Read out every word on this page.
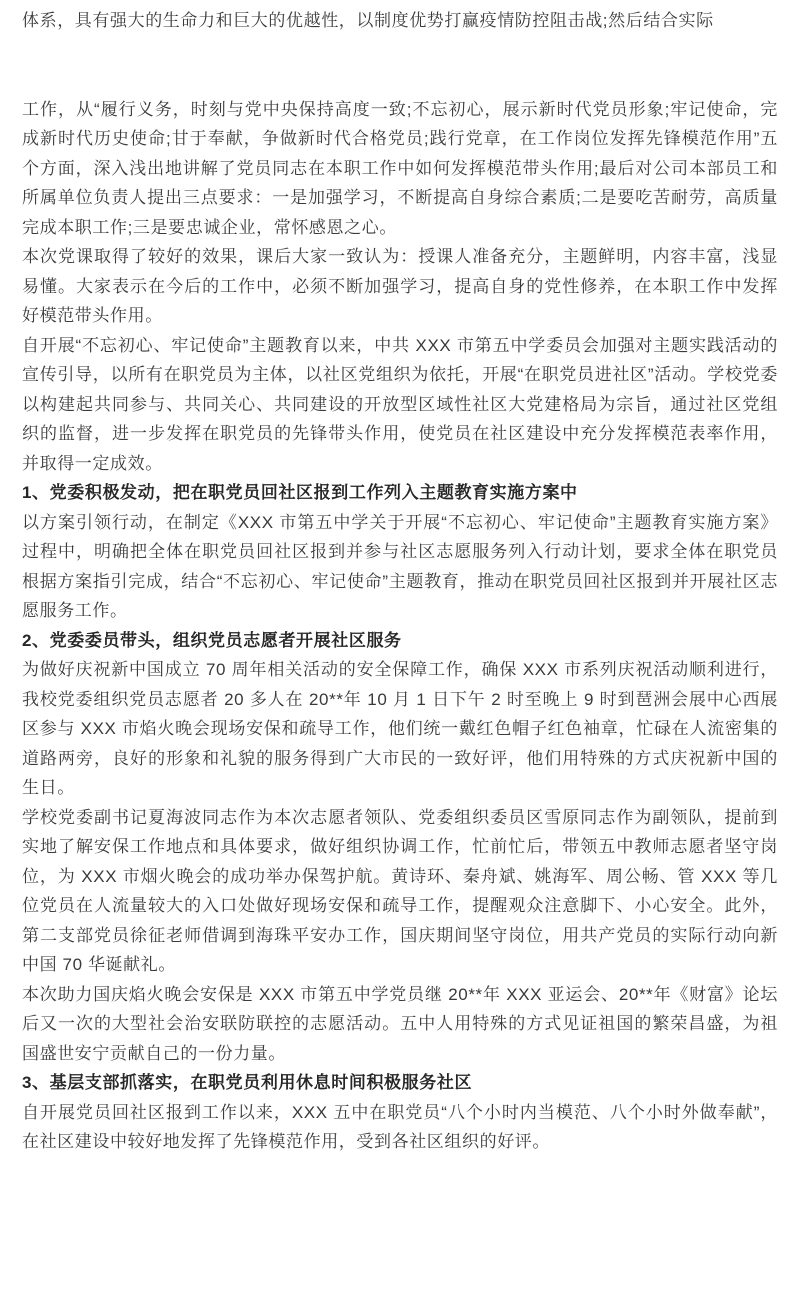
体系，具有强大的生命力和巨大的优越性，以制度优势打赢疫情防控阻击战;然后结合实际

工作，从“履行义务，时刻与党中央保持高度一致;不忘初心，展示新时代党员形象;牢记使命，完成新时代历史使命;甘于奉献，争做新时代合格党员;践行党章，在工作岗位发挥先锋模范作用”五个方面，深入浅出地讲解了党员同志在本职工作中如何发挥模范带头作用;最后对公司本部员工和所属单位负责人提出三点要求：一是加强学习，不断提高自身综合素质;二是要吃苦耐劳，高质量完成本职工作;三是要忠诚企业，常怀感恩之心。

本次党课取得了较好的效果，课后大家一致认为：授课人准备充分，主题鲜明，内容丰富，浅显易懂。大家表示在今后的工作中，必须不断加强学习，提高自身的党性修养，在本职工作中发挥好模范带头作用。

自开展“不忘初心、牢记使命”主题教育以来，中共 XXX 市第五中学委员会加强对主题实践活动的宣传引导，以所有在职党员为主体，以社区党组织为依托，开展“在职党员进社区”活动。学校党委以构建起共同参与、共同关心、共同建设的开放型区域性社区大党建格局为宗旨，通过社区党组织的监督，进一步发挥在职党员的先锋带头作用，使党员在社区建设中充分发挥模范表率作用，并取得一定成效。

1、党委积极发动，把在职党员回社区报到工作列入主题教育实施方案中

以方案引领行动，在制定《XXX 市第五中学关于开展“不忘初心、牢记使命”主题教育实施方案》过程中，明确把全体在职党员回社区报到并参与社区志愿服务列入行动计划，要求全体在职党员根据方案指引完成，结合“不忘初心、牢记使命”主题教育，推动在职党员回社区报到并开展社区志愿服务工作。

2、党委委员带头，组织党员志愿者开展社区服务

为做好庆祝新中国成立 70 周年相关活动的安全保障工作，确保 XXX 市系列庆祝活动顺利进行，我校党委组织党员志愿者 20 多人在 20**年 10 月 1 日下午 2 时至晚上 9 时到琶洲会展中心西展区参与 XXX 市焰火晚会现场安保和疏导工作，他们统一戴红色帽子红色袖章，忙碌在人流密集的道路两旁，良好的形象和礼貌的服务得到广大市民的一致好评，他们用特殊的方式庆祝新中国的生日。

学校党委副书记夏海波同志作为本次志愿者领队、党委组织委员区雪原同志作为副领队，提前到实地了解安保工作地点和具体要求，做好组织协调工作，忙前忙后，带领五中教师志愿者坚守岗位，为 XXX 市烟火晚会的成功举办保驾护航。黄诗环、秦舟斌、姚海军、周公畅、管 XXX 等几位党员在人流量较大的入口处做好现场安保和疏导工作，提醒观众注意脚下、小心安全。此外，第二支部党员徐征老师借调到海珠平安办工作，国庆期间坚守岗位，用共产党员的实际行动向新中国 70 华诞献礼。

本次助力国庆焰火晚会安保是 XXX 市第五中学党员继 20**年 XXX 亚运会、20**年《财富》论坛后又一次的大型社会治安联防联控的志愿活动。五中人用特殊的方式见证祖国的繁荣昌盛，为祖国盛世安宁贡献自己的一份力量。

3、基层支部抓落实，在职党员利用休息时间积极服务社区

自开展党员回社区报到工作以来，XXX 五中在职党员“八个小时内当模范、八个小时外做奉献”，在社区建设中较好地发挥了先锋模范作用，受到各社区组织的好评。
